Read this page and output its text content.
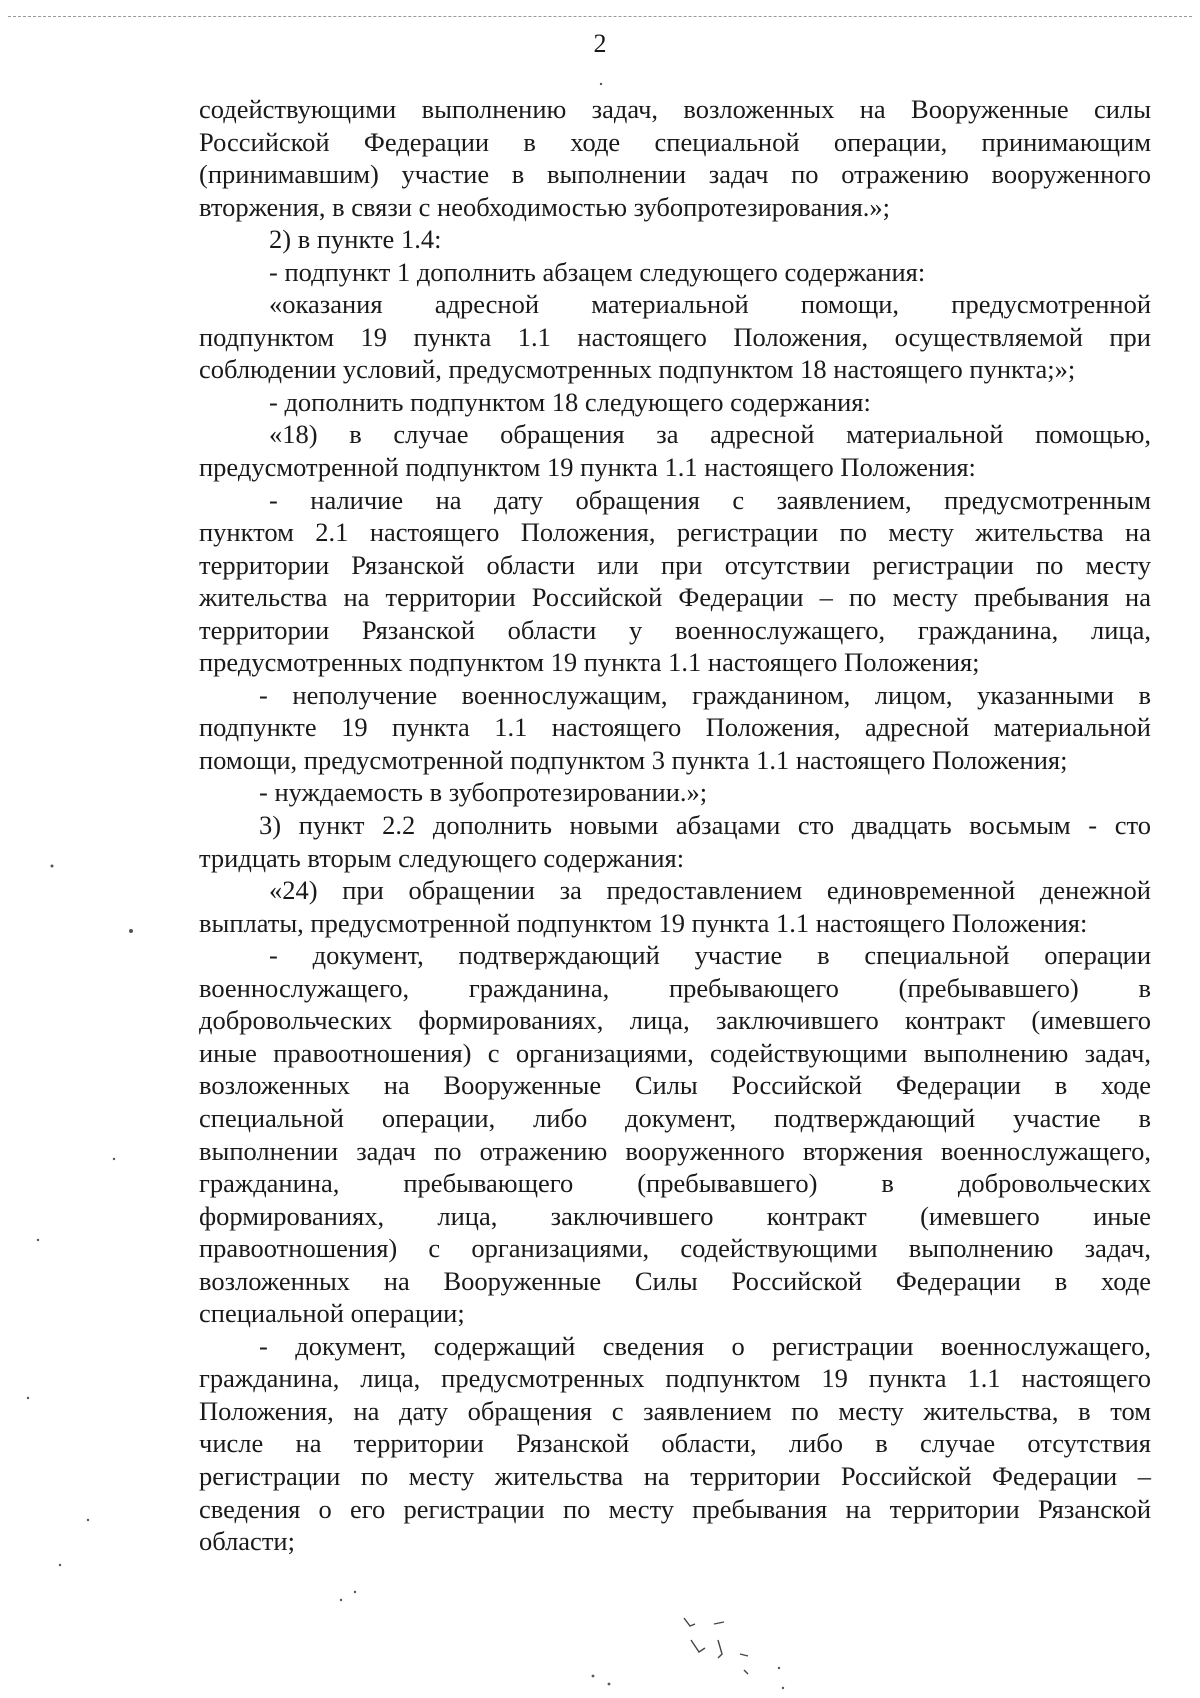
2
содействующими выполнению задач, возложенных на Вооруженные силы
Российской Федерации в ходе специальной операции, принимающим
(принимавшим) участие в выполнении задач по отражению вооруженного
вторжения, в связи с необходимостью зубопротезирования.»;
2) в пункте 1.4:
- подпункт 1 дополнить абзацем следующего содержания:
«оказания адресной материальной помощи, предусмотренной
подпунктом 19 пункта 1.1 настоящего Положения, осуществляемой при
соблюдении условий, предусмотренных подпунктом 18 настоящего пункта;»;
- дополнить подпунктом 18 следующего содержания:
«18) в случае обращения за адресной материальной помощью,
предусмотренной подпунктом 19 пункта 1.1 настоящего Положения:
- наличие на дату обращения с заявлением, предусмотренным
пунктом 2.1 настоящего Положения, регистрации по месту жительства на
территории Рязанской области или при отсутствии регистрации по месту
жительства на территории Российской Федерации – по месту пребывания на
территории Рязанской области у военнослужащего, гражданина, лица,
предусмотренных подпунктом 19 пункта 1.1 настоящего Положения;
- неполучение военнослужащим, гражданином, лицом, указанными в
подпункте 19 пункта 1.1 настоящего Положения, адресной материальной
помощи, предусмотренной подпунктом 3 пункта 1.1 настоящего Положения;
- нуждаемость в зубопротезировании.»;
3) пункт 2.2 дополнить новыми абзацами сто двадцать восьмым - сто
тридцать вторым следующего содержания:
«24) при обращении за предоставлением единовременной денежной
выплаты, предусмотренной подпунктом 19 пункта 1.1 настоящего Положения:
- документ, подтверждающий участие в специальной операции
военнослужащего, гражданина, пребывающего (пребывавшего) в
добровольческих формированиях, лица, заключившего контракт (имевшего
иные правоотношения) с организациями, содействующими выполнению задач,
возложенных на Вооруженные Силы Российской Федерации в ходе
специальной операции, либо документ, подтверждающий участие в
выполнении задач по отражению вооруженного вторжения военнослужащего,
гражданина, пребывающего (пребывавшего) в добровольческих
формированиях, лица, заключившего контракт (имевшего иные
правоотношения) с организациями, содействующими выполнению задач,
возложенных на Вооруженные Силы Российской Федерации в ходе
специальной операции;
- документ, содержащий сведения о регистрации военнослужащего,
гражданина, лица, предусмотренных подпунктом 19 пункта 1.1 настоящего
Положения, на дату обращения с заявлением по месту жительства, в том
числе на территории Рязанской области, либо в случае отсутствия
регистрации по месту жительства на территории Российской Федерации –
сведения о его регистрации по месту пребывания на территории Рязанской
области;
